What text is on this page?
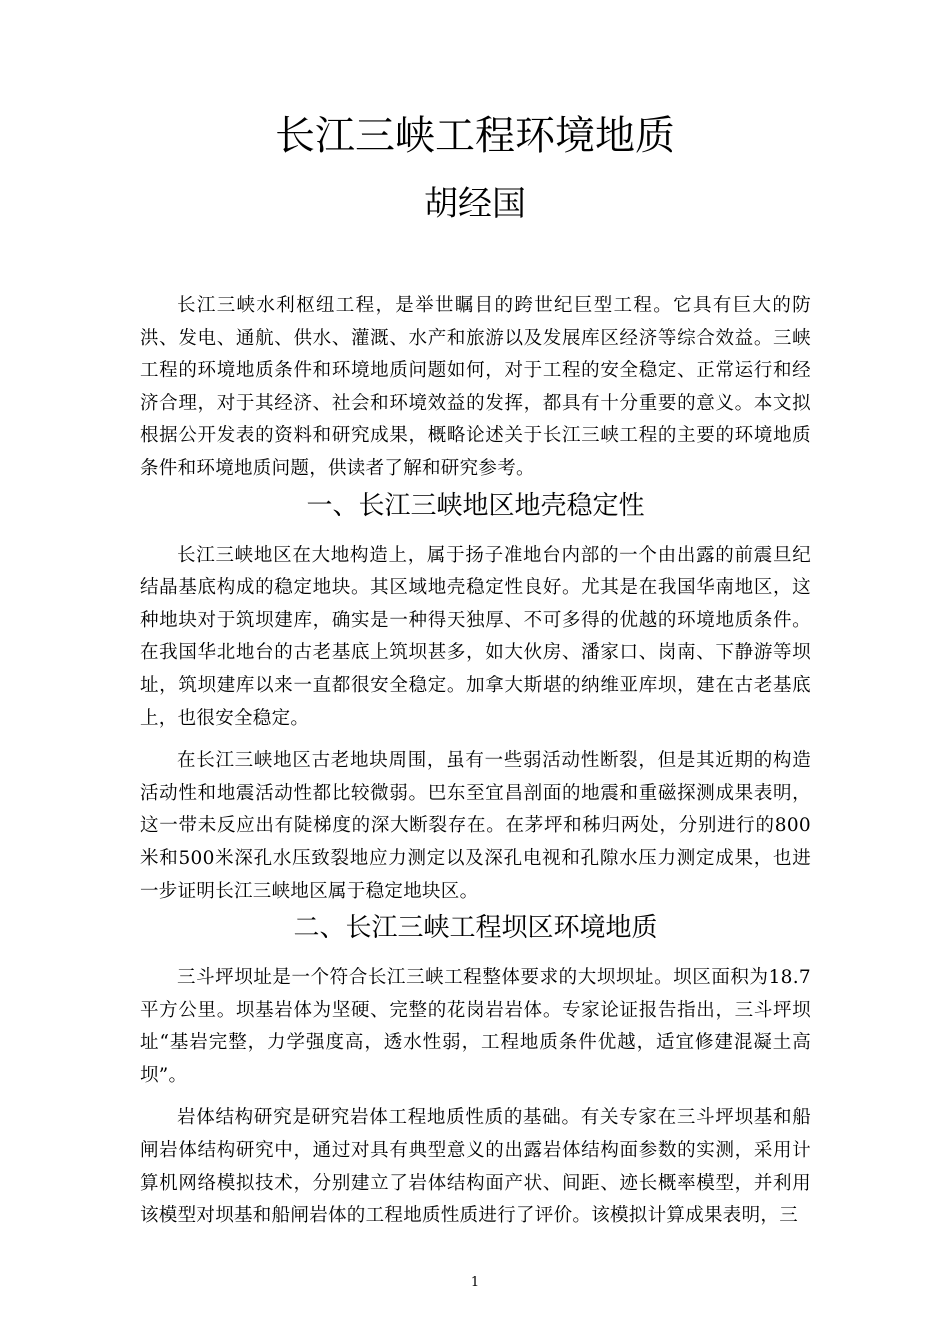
长江三峡工程环境地质
胡经国

长江三峡水利枢纽工程，是举世瞩目的跨世纪巨型工程。它具有巨大的防洪、发电、通航、供水、灌溉、水产和旅游以及发展库区经济等综合效益。三峡工程的环境地质条件和环境地质问题如何，对于工程的安全稳定、正常运行和经济合理，对于其经济、社会和环境效益的发挥，都具有十分重要的意义。本文拟根据公开发表的资料和研究成果，概略论述关于长江三峡工程的主要的环境地质条件和环境地质问题，供读者了解和研究参考。

一、长江三峡地区地壳稳定性

长江三峡地区在大地构造上，属于扬子准地台内部的一个由出露的前震旦纪结晶基底构成的稳定地块。其区域地壳稳定性良好。尤其是在我国华南地区，这种地块对于筑坝建库，确实是一种得天独厚、不可多得的优越的环境地质条件。在我国华北地台的古老基底上筑坝甚多，如大伙房、潘家口、岗南、下静游等坝址，筑坝建库以来一直都很安全稳定。加拿大斯堪的纳维亚库坝，建在古老基底上，也很安全稳定。

在长江三峡地区古老地块周围，虽有一些弱活动性断裂，但是其近期的构造活动性和地震活动性都比较微弱。巴东至宜昌剖面的地震和重磁探测成果表明，这一带未反应出有陡梯度的深大断裂存在。在茅坪和秭归两处，分别进行的800米和500米深孔水压致裂地应力测定以及深孔电视和孔隙水压力测定成果，也进一步证明长江三峡地区属于稳定地块区。

二、长江三峡工程坝区环境地质

三斗坪坝址是一个符合长江三峡工程整体要求的大坝坝址。坝区面积为18.7平方公里。坝基岩体为坚硬、完整的花岗岩岩体。专家论证报告指出，三斗坪坝址“基岩完整，力学强度高，透水性弱，工程地质条件优越，适宜修建混凝土高坝”。

岩体结构研究是研究岩体工程地质性质的基础。有关专家在三斗坪坝基和船闸岩体结构研究中，通过对具有典型意义的出露岩体结构面参数的实测，采用计算机网络模拟技术，分别建立了岩体结构面产状、间距、迹长概率模型，并利用该模型对坝基和船闸岩体的工程地质性质进行了评价。该模拟计算成果表明，三

1
